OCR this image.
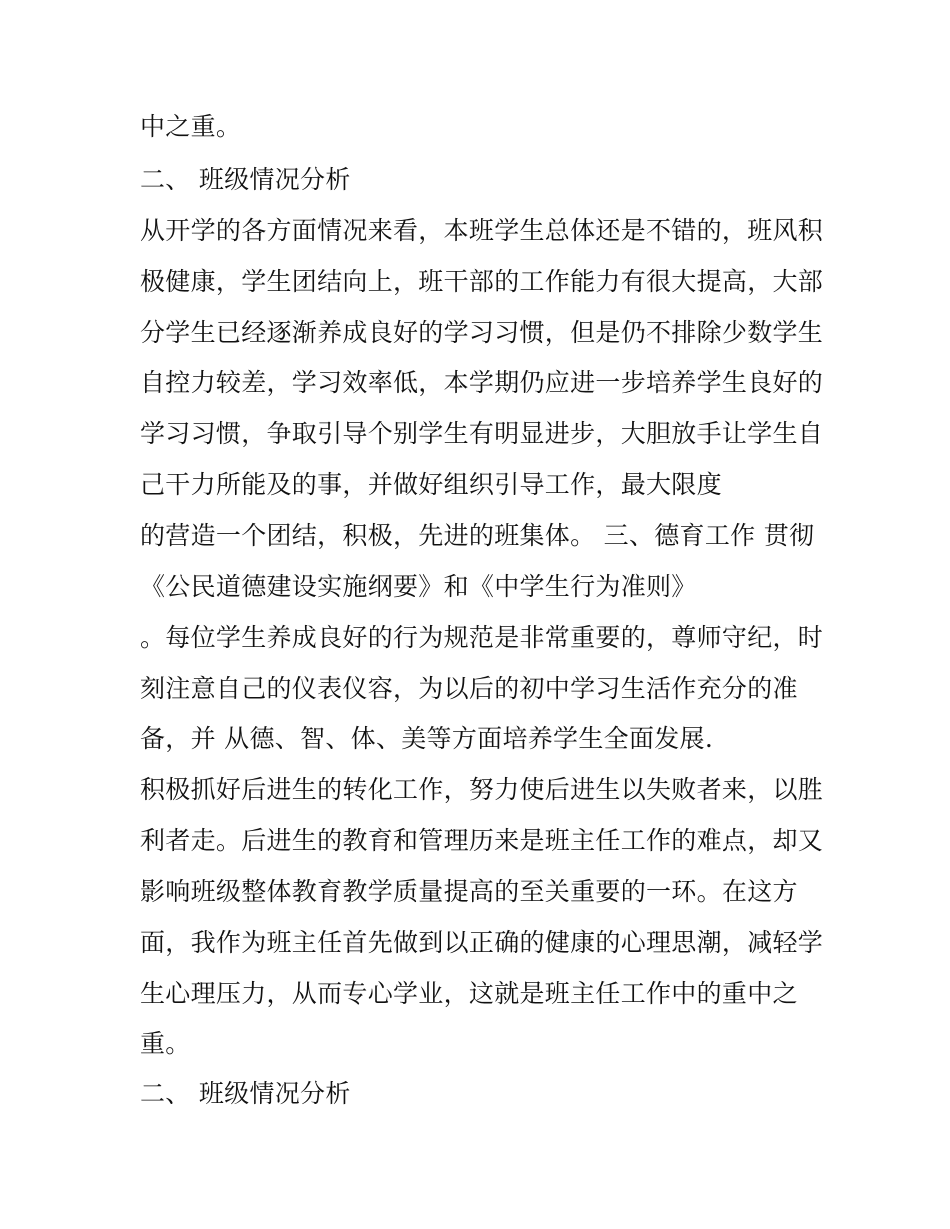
中之重。

二、 班级情况分析

从开学的各方面情况来看，本班学生总体还是不错的，班风积

极健康，学生团结向上，班干部的工作能力有很大提高，大部

分学生已经逐渐养成良好的学习习惯，但是仍不排除少数学生

自控力较差，学习效率低，本学期仍应进一步培养学生良好的

学习习惯，争取引导个别学生有明显进步，大胆放手让学生自

己干力所能及的事，并做好组织引导工作，最大限度

的营造一个团结，积极，先进的班集体。 三、德育工作 贯彻

《公民道德建设实施纲要》和《中学生行为准则》

。每位学生养成良好的行为规范是非常重要的，尊师守纪，时

刻注意自己的仪表仪容，为以后的初中学习生活作充分的准

备，并 从德、智、体、美等方面培养学生全面发展.

积极抓好后进生的转化工作，努力使后进生以失败者来，以胜

利者走。后进生的教育和管理历来是班主任工作的难点，却又

影响班级整体教育教学质量提高的至关重要的一环。在这方

面，我作为班主任首先做到以正确的健康的心理思潮，减轻学

生心理压力，从而专心学业，这就是班主任工作中的重中之

重。

二、 班级情况分析
